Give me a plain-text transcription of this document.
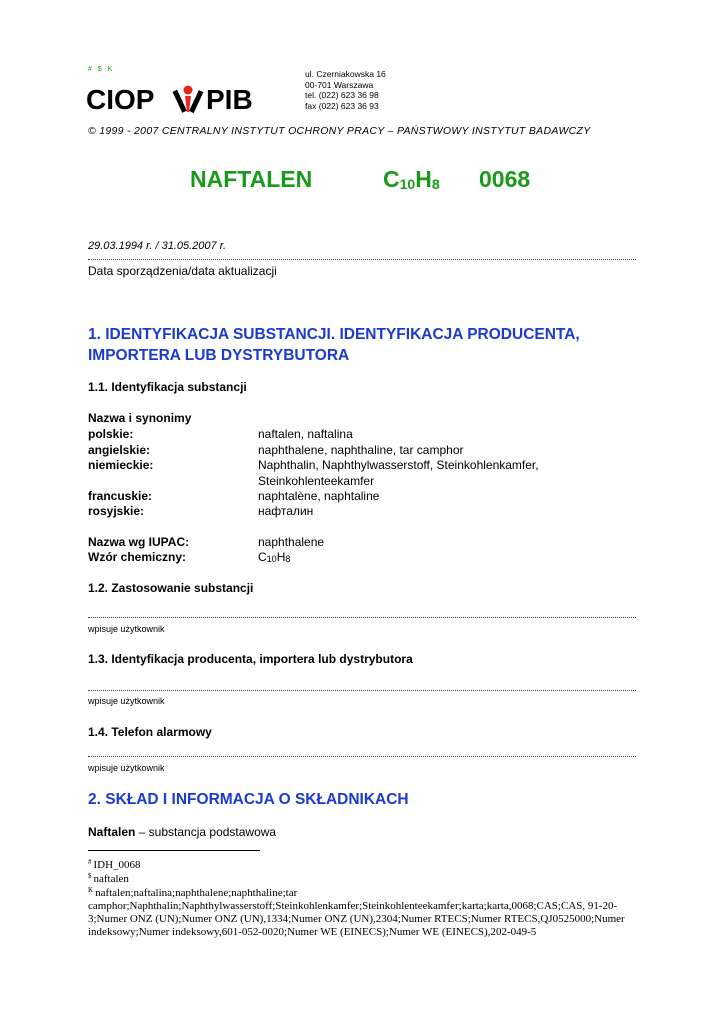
# $ K
CIOP PIB
ul. Czerniakowska 16
00-701 Warszawa
tel. (022) 623 36 98
fax (022) 623 36 93
© 1999 - 2007 CENTRALNY INSTYTUT OCHRONY PRACY – PAŃSTWOWY INSTYTUT BADAWCZY
NAFTALEN	$C_{10}H_8$ 0068
29.03.1994 r. / 31.05.2007 r.
Data sporządzenia/data aktualizacji
1. IDENTYFIKACJA SUBSTANCJI. IDENTYFIKACJA PRODUCENTA,
IMPORTERA LUB DYSTRYBUTORA
1.1. Identyfikacja substancji
Nazwa i synonimy
polskie:	naftalen, naftalina
angielskie:	naphthalene, naphthaline, tar camphor
niemieckie:	Naphthalin, Naphthylwasserstoff, Steinkohlenkamfer,
Steinkohlenteekamfer
francuskie:	naphtalène, naphtaline
rosyjskie:	нафталин
Nazwa wg IUPAC:	naphthalene
Wzór chemiczny:	$C_{10}H_8$
1.2. Zastosowanie substancji
wpisuje użytkownik
1.3. Identyfikacja producenta, importera lub dystrybutora
wpisuje użytkownik
1.4. Telefon alarmowy
wpisuje użytkownik
2. SKŁAD I INFORMACJA O SKŁADNIKACH
Naftalen – substancja podstawowa
# IDH_0068
$ naftalen
$^K$ naftalen;naftalina;naphthalene;naphthaline;tar camphor;Naphthalin;Naphthylwasserstoff;Steinkohlenkamfer;Steinkohlenteekamfer;karta;karta,0068;CAS;CAS, 91-20-3;Numer ONZ (UN);Numer ONZ (UN),1334;Numer ONZ (UN),2304;Numer RTECS;Numer RTECS,QJ0525000;Numer indeksowy;Numer indeksowy,601-052-0020;Numer WE (EINECS);Numer WE (EINECS),202-049-5
